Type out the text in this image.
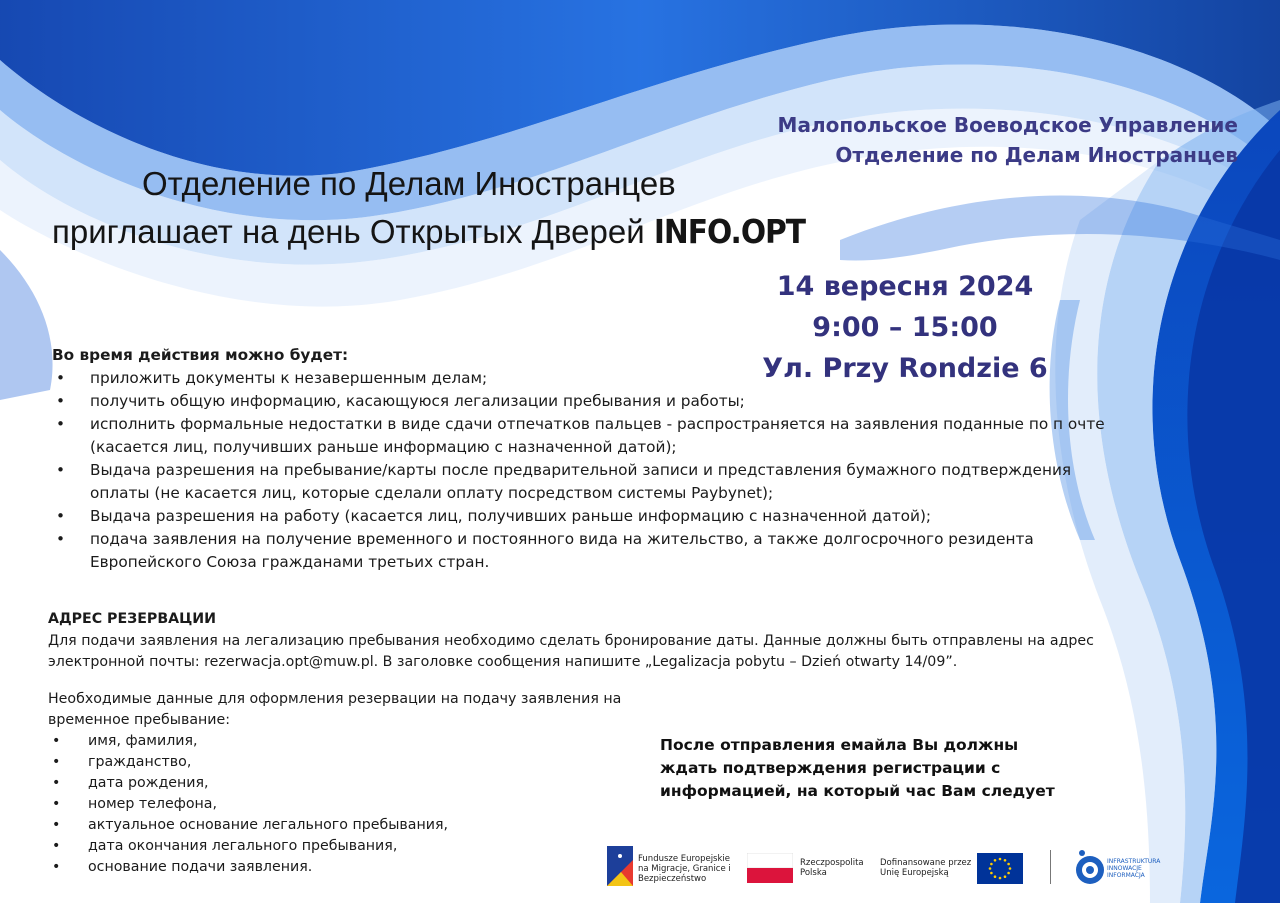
Малопольское Воеводское Управление
Отделение по Делам Иностранцев
Отделение по Делам Иностранцев
приглашает на день Открытых Дверей INFO.OPT
14 вересня 2024
9:00 – 15:00
Ул. Przy Rondzie 6
Во время действия можно будет:
• приложить документы к незавершенным делам;
• получить общую информацию, касающуюся легализации пребывания и работы;
• исполнить формальные недостатки в виде сдачи отпечатков пальцев - распространяется на заявления поданные по п очте (касается лиц, получивших раньше информацию с назначенной датой);
• Выдача разрешения на пребывание/карты после предварительной записи и представления бумажного подтверждения оплаты (не касается лиц, которые сделали оплату посредством системы Paybynet);
• Выдача разрешения на работу (касается лиц, получивших раньше информацию с назначенной датой);
• подача заявления на получение временного и постоянного вида на жительство, а также долгосрочного резидента Европейского Союза гражданами третьих стран.
АДРЕС РЕЗЕРВАЦИИ

Для подачи заявления на легализацию пребывания необходимо сделать бронирование даты. Данные должны быть отправлены на адрес электронной почты: rezerwacja.opt@muw.pl. В заголовке сообщения напишите „Legalizacja pobytu – Dzień otwarty 14/09”.

Необходимые данные для оформления резервации на подачу заявления на временное пребывание:

• имя, фамилия,
• гражданство,
• дата рождения,
• номер телефона,
• актуальное основание легального пребывания,
• дата окончания легального пребывания,
• основание подачи заявления.
После отправления емайла Вы должны ждать подтверждения регистрации с информацией, на который час Вам следует
Fundusze Europejskie na Migracje, Granice i Bezpieczeństwo
Rzeczpospolita Polska
Dofinansowane przez Unię Europejską
INFRASTRUKTURA INNOWACJE INFORMACJA
